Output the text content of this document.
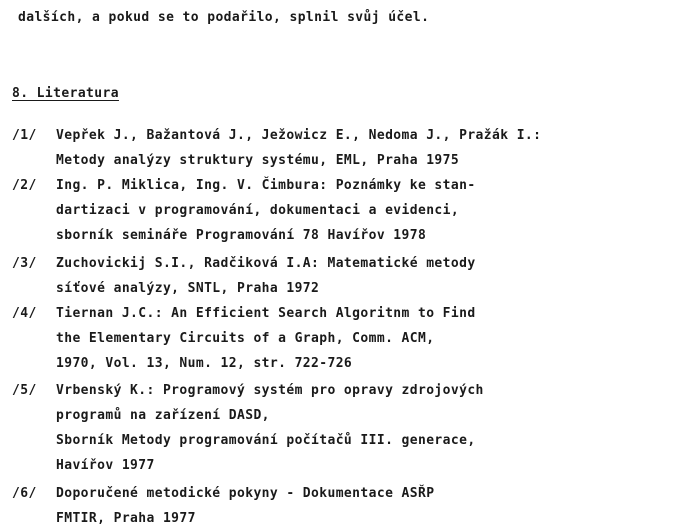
dalších, a pokud se to podařilo, splnil svůj účel.
8. Literatura
/1/ Vepřek J., Bažantová J., Ježowicz E., Nedoma J., Pražák I.:
Metody analýzy struktury systému, EML, Praha 1975
/2/ Ing. P. Miklica, Ing. V. Čimbura: Poznámky ke stan-
dartizaci v programování, dokumentaci a evidenci,
sborník semináře Programování 78 Havířov 1978
/3/ Zuchovickij S.I., Radčiková I.A: Matematické metody
síťové analýzy, SNTL, Praha 1972
/4/ Tiernan J.C.: An Efficient Search Algoritnm to Find
the Elementary Circuits of a Graph, Comm. ACM,
1970, Vol. 13, Num. 12, str. 722-726
/5/ Vrbenský K.: Programový systém pro opravy zdrojových
programů na zařízení DASD,
Sborník Metody programování počítačů III. generace,
Havířov 1977
/6/ Doporučené metodické pokyny - Dokumentace ASŘP
FMTIR, Praha 1977
